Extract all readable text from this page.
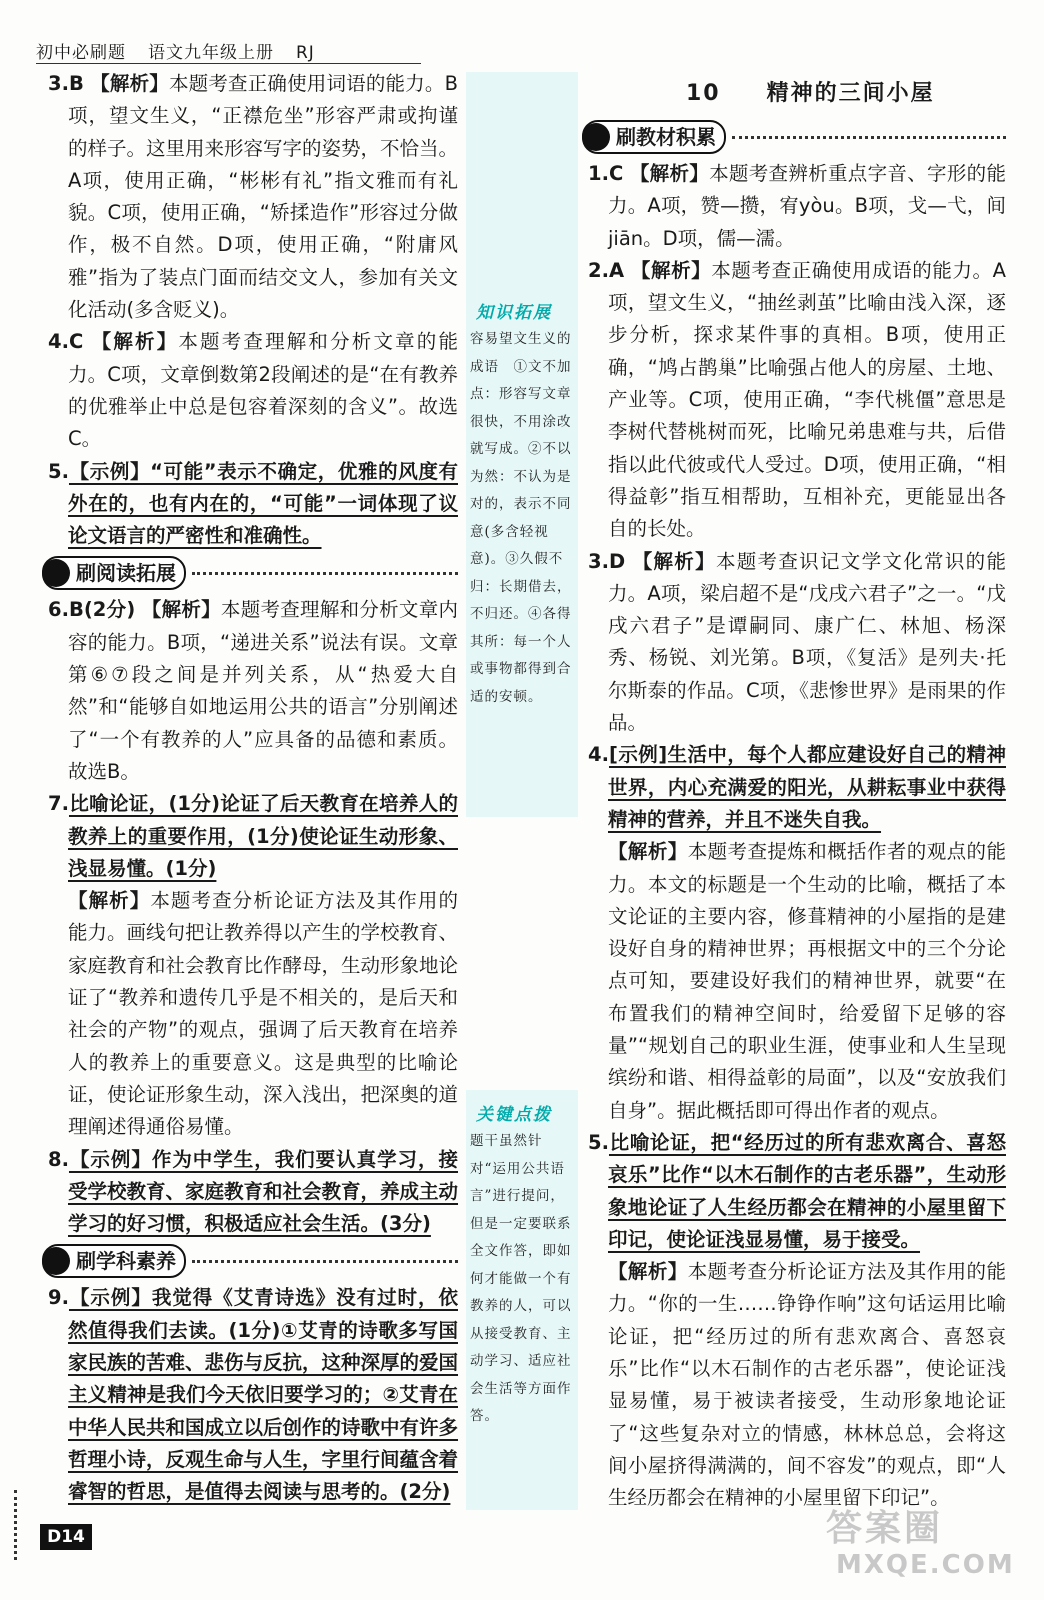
初中必刷题 语文九年级上册 RJ

3.B 【解析】本题考查正确使用词语的能力。B项，望文生义，“正襟危坐”形容严肃或拘谨的样子。这里用来形容写字的姿势，不恰当。A项，使用正确，“彬彬有礼”指文雅而有礼貌。C项，使用正确，“矫揉造作”形容过分做作，极不自然。D项，使用正确，“附庸风雅”指为了装点门面而结交文人，参加有关文化活动(多含贬义)。

4.C 【解析】本题考查理解和分析文章的能力。C项，文章倒数第2段阐述的是“在有教养的优雅举止中总是包容着深刻的含义”。故选C。

5.【示例】“可能”表示不确定，优雅的风度有外在的，也有内在的，“可能”一词体现了议论文语言的严密性和准确性。

刷阅读拓展

6.B(2分) 【解析】本题考查理解和分析文章内容的能力。B项，“递进关系”说法有误。文章第⑥⑦段之间是并列关系，从“热爱大自然”和“能够自如地运用公共的语言”分别阐述了“一个有教养的人”应具备的品德和素质。故选B。

7.比喻论证，(1分)论证了后天教育在培养人的教养上的重要作用，(1分)使论证生动形象、浅显易懂。(1分)
【解析】本题考查分析论证方法及其作用的能力。画线句把让教养得以产生的学校教育、家庭教育和社会教育比作酵母，生动形象地论证了“教养和遗传几乎是不相关的，是后天和社会的产物”的观点，强调了后天教育在培养人的教养上的重要意义。这是典型的比喻论证，使论证形象生动，深入浅出，把深奥的道理阐述得通俗易懂。

8.【示例】作为中学生，我们要认真学习，接受学校教育、家庭教育和社会教育，养成主动学习的好习惯，积极适应社会生活。(3分)

刷学科素养

9.【示例】我觉得《艾青诗选》没有过时，依然值得我们去读。(1分)①艾青的诗歌多写国家民族的苦难、悲伤与反抗，这种深厚的爱国主义精神是我们今天依旧要学习的；②艾青在中华人民共和国成立以后创作的诗歌中有许多哲理小诗，反观生命与人生，字里行间蕴含着睿智的哲思，是值得去阅读与思考的。(2分)

知识拓展
容易望文生义的成语　①文不加点：形容写文章很快，不用涂改就写成。②不以为然：不认为是对的，表示不同意(多含轻视意)。③久假不归：长期借去，不归还。④各得其所：每一个人或事物都得到合适的安顿。
关键点拨
题干虽然针对“运用公共语言”进行提问，但是一定要联系全文作答，即如何才能做一个有教养的人，可以从接受教育、主动学习、适应社会生活等方面作答。
10 精神的三间小屋
刷教材积累

1.C 【解析】本题考查辨析重点字音、字形的能力。A项，赞—攒，宥yòu。B项，戈—弋，间jiān。D项，儒—濡。

2.A 【解析】本题考查正确使用成语的能力。A项，望文生义，“抽丝剥茧”比喻由浅入深，逐步分析，探求某件事的真相。B项，使用正确，“鸠占鹊巢”比喻强占他人的房屋、土地、产业等。C项，使用正确，“李代桃僵”意思是李树代替桃树而死，比喻兄弟患难与共，后借指以此代彼或代人受过。D项，使用正确，“相得益彰”指互相帮助，互相补充，更能显出各自的长处。

3.D 【解析】本题考查识记文学文化常识的能力。A项，梁启超不是“戊戌六君子”之一。“戊戌六君子”是谭嗣同、康广仁、林旭、杨深秀、杨锐、刘光第。B项，《复活》是列夫·托尔斯泰的作品。C项，《悲惨世界》是雨果的作品。

4.[示例]生活中，每个人都应建设好自己的精神世界，内心充满爱的阳光，从耕耘事业中获得精神的营养，并且不迷失自我。
【解析】本题考查提炼和概括作者的观点的能力。本文的标题是一个生动的比喻，概括了本文论证的主要内容，修葺精神的小屋指的是建设好自身的精神世界；再根据文中的三个分论点可知，要建设好我们的精神世界，就要“在布置我们的精神空间时，给爱留下足够的容量”“规划自己的职业生涯，使事业和人生呈现缤纷和谐、相得益彰的局面”，以及“安放我们自身”。据此概括即可得出作者的观点。

5.比喻论证，把“经历过的所有悲欢离合、喜怒哀乐”比作“以木石制作的古老乐器”，生动形象地论证了人生经历都会在精神的小屋里留下印记，使论证浅显易懂，易于接受。
【解析】本题考查分析论证方法及其作用的能力。“你的一生……铮铮作响”这句话运用比喻论证，把“经历过的所有悲欢离合、喜怒哀乐”比作“以木石制作的古老乐器”，使论证浅显易懂，易于被读者接受，生动形象地论证了“这些复杂对立的情感，林林总总，会将这间小屋挤得满满的，间不容发”的观点，即“人生经历都会在精神的小屋里留下印记”。

D14	答案圈
MXQE.COM
